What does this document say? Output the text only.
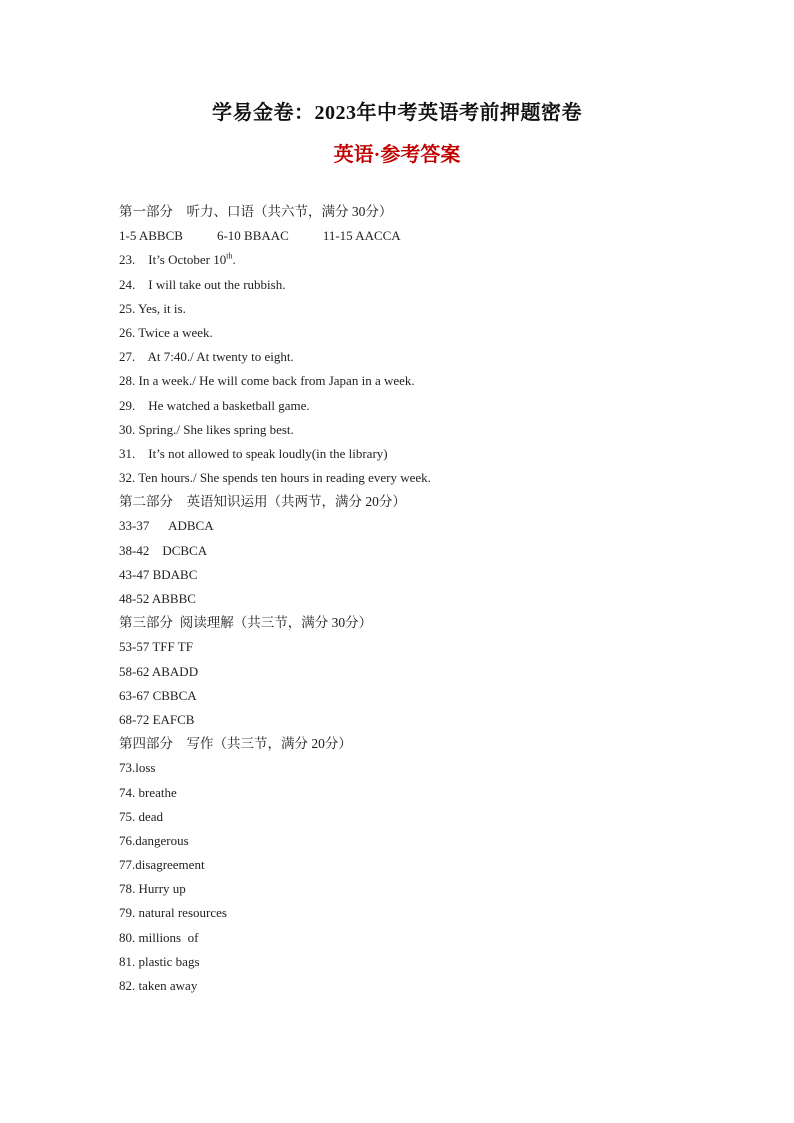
学易金卷：2023年中考英语考前押题密卷
英语·参考答案
第一部分　听力、口语（共六节，满分 30分）
1-5 ABBCB	6-10 BBAAC	11-15 AACCA
23.    It’s October 10th.
24.    I will take out the rubbish.
25. Yes, it is.
26. Twice a week.
27.    At 7:40./ At twenty to eight.
28. In a week./ He will come back from Japan in a week.
29.    He watched a basketball game.
30. Spring./ She likes spring best.
31.    It’s not allowed to speak loudly(in the library)
32. Ten hours./ She spends ten hours in reading every week.
第二部分　英语知识运用（共两节，满分 20分）
33-37      ADBCA
38-42    DCBCA
43-47 BDABC
48-52 ABBBC
第三部分  阅读理解（共三节，满分 30分）
53-57 TFF TF
58-62 ABADD
63-67 CBBCA
68-72 EAFCB
第四部分　写作（共三节，满分 20分）
73.loss
74. breathe
75. dead
76.dangerous
77.disagreement
78. Hurry up
79. natural resources
80. millions  of
81. plastic bags
82. taken away
